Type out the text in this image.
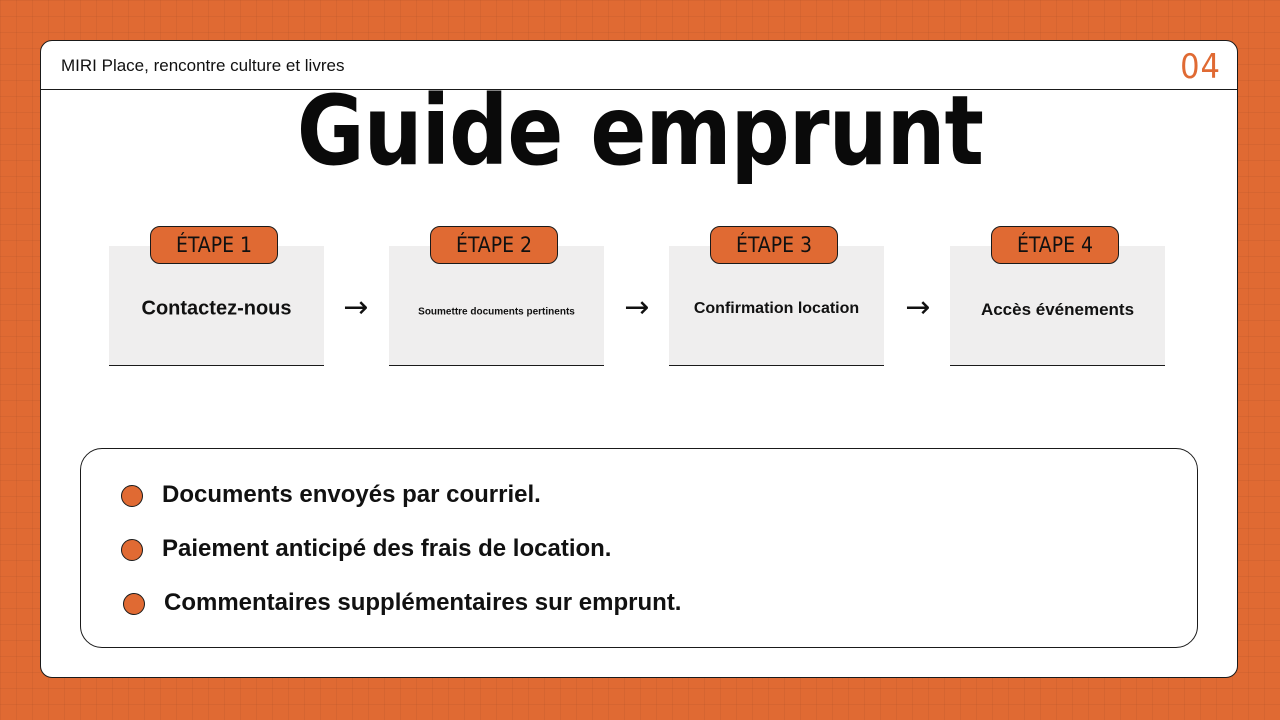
MIRI Place, rencontre culture et livres	04
Guide emprunt
Contactez-nous
ÉTAPE 1
→	Soumettre documents pertinents
ÉTAPE 2
→	Confirmation location
ÉTAPE 3
→	Accès événements
ÉTAPE 4
Documents envoyés par courriel.
Paiement anticipé des frais de location.
Commentaires supplémentaires sur emprunt.
